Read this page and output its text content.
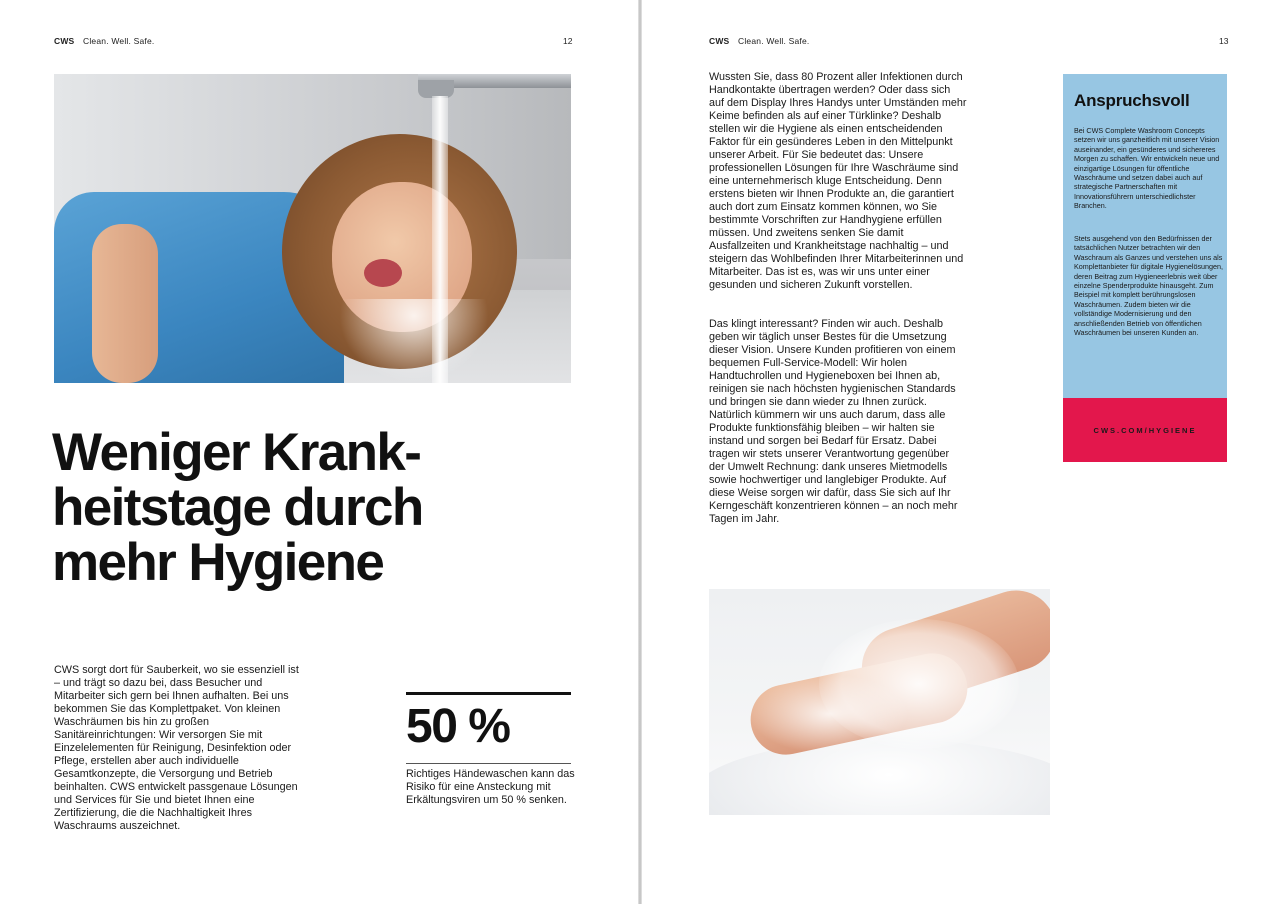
CWS Clean. Well. Safe.	12
Weniger Krank-
heitstage durch
mehr Hygiene

CWS sorgt dort für Sauberkeit, wo sie essenziell ist – und trägt so dazu bei, dass Besucher und Mitarbeiter sich gern bei Ihnen aufhalten. Bei uns bekommen Sie das Komplettpaket. Von kleinen Waschräumen bis hin zu großen Sanitäreinrichtungen: Wir versorgen Sie mit Einzelelementen für Reinigung, Desinfektion oder Pflege, erstellen aber auch individuelle Gesamtkonzepte, die Versorgung und Betrieb beinhalten. CWS entwickelt passgenaue Lösungen und Services für Sie und bietet Ihnen eine Zertifizierung, die die Nachhaltigkeit Ihres Waschraums auszeichnet.

50 %

Richtiges Händewaschen kann das Risiko für eine Ansteckung mit Erkältungsviren um 50 % senken.

CWS Clean. Well. Safe.	13

Wussten Sie, dass 80 Prozent aller Infektionen durch Handkontakte übertragen werden? Oder dass sich auf dem Display Ihres Handys unter Umständen mehr Keime befinden als auf einer Türklinke? Deshalb stellen wir die Hygiene als einen entscheidenden Faktor für ein gesünderes Leben in den Mittelpunkt unserer Arbeit. Für Sie bedeutet das: Unsere professionellen Lösungen für Ihre Waschräume sind eine unternehmerisch kluge Entscheidung. Denn erstens bieten wir Ihnen Produkte an, die garantiert auch dort zum Einsatz kommen können, wo Sie bestimmte Vorschriften zur Handhygiene erfüllen müssen. Und zweitens senken Sie damit Ausfallzeiten und Krankheitstage nachhaltig – und steigern das Wohlbefinden Ihrer Mitarbeiterinnen und Mitarbeiter. Das ist es, was wir uns unter einer gesunden und sicheren Zukunft vorstellen.

Das klingt interessant? Finden wir auch. Deshalb geben wir täglich unser Bestes für die Umsetzung dieser Vision. Unsere Kunden profitieren von einem bequemen Full-Service-Modell: Wir holen Handtuchrollen und Hygieneboxen bei Ihnen ab, reinigen sie nach höchsten hygienischen Standards und bringen sie dann wieder zu Ihnen zurück. Natürlich kümmern wir uns auch darum, dass alle Produkte funktionsfähig bleiben – wir halten sie instand und sorgen bei Bedarf für Ersatz. Dabei tragen wir stets unserer Verantwortung gegenüber der Umwelt Rechnung: dank unseres Mietmodells sowie hochwertiger und langlebiger Produkte. Auf diese Weise sorgen wir dafür, dass Sie sich auf Ihr Kerngeschäft konzentrieren können – an noch mehr Tagen im Jahr.

Anspruchsvoll

Bei CWS Complete Washroom Concepts setzen wir uns ganzheitlich mit unserer Vision auseinander, ein gesünderes und sichereres Morgen zu schaffen. Wir entwickeln neue und einzigartige Lösungen für öffentliche Waschräume und setzen dabei auch auf strategische Partnerschaften mit Innovationsführern unterschiedlichster Branchen.

Stets ausgehend von den Bedürfnissen der tatsächlichen Nutzer betrachten wir den Waschraum als Ganzes und verstehen uns als Komplettanbieter für digitale Hygienelösungen, deren Beitrag zum Hygieneerlebnis weit über einzelne Spenderprodukte hinausgeht. Zum Beispiel mit komplett berührungslosen Waschräumen. Zudem bieten wir die vollständige Modernisierung und den anschließenden Betrieb von öffentlichen Waschräumen bei unseren Kunden an.

CWS.COM/HYGIENE
